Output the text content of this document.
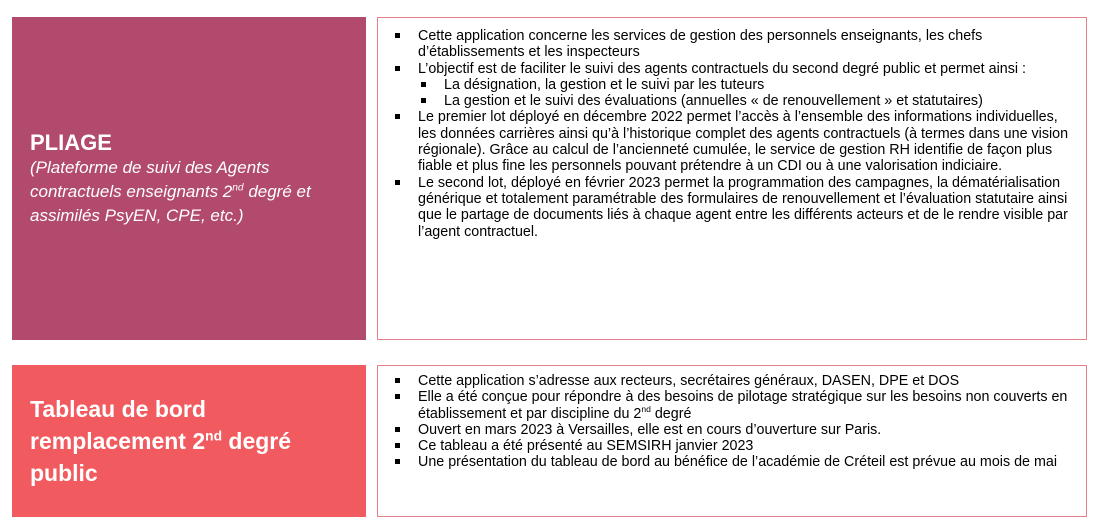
PLIAGE
(Plateforme de suivi des Agents contractuels enseignants 2nd degré et assimilés PsyEN, CPE, etc.)
Cette application concerne les services de gestion des personnels enseignants, les chefs d’établissements et les inspecteurs
L’objectif est de faciliter le suivi des agents contractuels du second degré public et permet ainsi :
La désignation, la gestion et le suivi par les tuteurs
La gestion et le suivi des évaluations (annuelles « de renouvellement » et statutaires)
Le premier lot déployé en décembre 2022 permet l’accès à l’ensemble des informations individuelles, les données carrières ainsi qu’à l’historique complet des agents contractuels (à termes dans une vision régionale). Grâce au calcul de l’ancienneté cumulée, le service de gestion RH identifie de façon plus fiable et plus fine les personnels pouvant prétendre à un CDI ou à une valorisation indiciaire.
Le second lot, déployé en février 2023 permet la programmation des campagnes, la dématérialisation générique et totalement paramétrable des formulaires de renouvellement et l’évaluation statutaire ainsi que le partage de documents liés à chaque agent entre les différents acteurs et de le rendre visible par l’agent contractuel.
Tableau de bord remplacement 2nd degré public
Cette application s’adresse aux recteurs, secrétaires généraux, DASEN, DPE et DOS
Elle a été conçue pour répondre à des besoins de pilotage stratégique sur les besoins non couverts en établissement et par discipline du 2nd degré
Ouvert en mars 2023 à Versailles, elle est en cours d’ouverture sur Paris.
Ce tableau a été présenté au SEMSIRH janvier 2023
Une présentation du tableau de bord au bénéfice de l’académie de Créteil est prévue au mois de mai
